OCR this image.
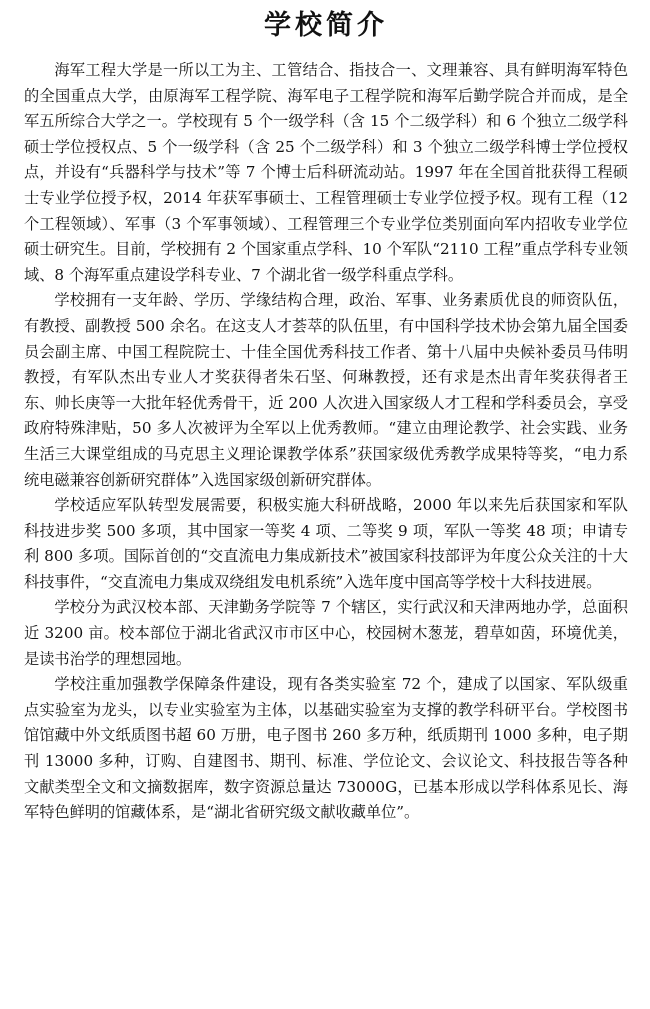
学校简介

海军工程大学是一所以工为主、工管结合、指技合一、文理兼容、具有鲜明海军特色的全国重点大学，由原海军工程学院、海军电子工程学院和海军后勤学院合并而成，是全军五所综合大学之一。学校现有 5 个一级学科（含 15 个二级学科）和 6 个独立二级学科硕士学位授权点、5 个一级学科（含 25 个二级学科）和 3 个独立二级学科博士学位授权点，并设有“兵器科学与技术”等 7 个博士后科研流动站。1997 年在全国首批获得工程硕士专业学位授予权，2014 年获军事硕士、工程管理硕士专业学位授予权。现有工程（12 个工程领域）、军事（3 个军事领域）、工程管理三个专业学位类别面向军内招收专业学位硕士研究生。目前，学校拥有 2 个国家重点学科、10 个军队“2110 工程”重点学科专业领域、8 个海军重点建设学科专业、7 个湖北省一级学科重点学科。

学校拥有一支年龄、学历、学缘结构合理，政治、军事、业务素质优良的师资队伍，有教授、副教授 500 余名。在这支人才荟萃的队伍里，有中国科学技术协会第九届全国委员会副主席、中国工程院院士、十佳全国优秀科技工作者、第十八届中央候补委员马伟明教授，有军队杰出专业人才奖获得者朱石坚、何琳教授，还有求是杰出青年奖获得者王东、帅长庚等一大批年轻优秀骨干，近 200 人次进入国家级人才工程和学科委员会，享受政府特殊津贴，50 多人次被评为全军以上优秀教师。“建立由理论教学、社会实践、业务生活三大课堂组成的马克思主义理论课教学体系”获国家级优秀教学成果特等奖，“电力系统电磁兼容创新研究群体”入选国家级创新研究群体。

学校适应军队转型发展需要，积极实施大科研战略，2000 年以来先后获国家和军队科技进步奖 500 多项，其中国家一等奖 4 项、二等奖 9 项，军队一等奖 48 项；申请专利 800 多项。国际首创的“交直流电力集成新技术”被国家科技部评为年度公众关注的十大科技事件，“交直流电力集成双绕组发电机系统”入选年度中国高等学校十大科技进展。

学校分为武汉校本部、天津勤务学院等 7 个辖区，实行武汉和天津两地办学，总面积近 3200 亩。校本部位于湖北省武汉市市区中心，校园树木葱茏，碧草如茵，环境优美，是读书治学的理想园地。

学校注重加强教学保障条件建设，现有各类实验室 72 个，建成了以国家、军队级重点实验室为龙头，以专业实验室为主体，以基础实验室为支撑的教学科研平台。学校图书馆馆藏中外文纸质图书超 60 万册，电子图书 260 多万种，纸质期刊 1000 多种，电子期刊 13000 多种，订购、自建图书、期刊、标准、学位论文、会议论文、科技报告等各种文献类型全文和文摘数据库，数字资源总量达 73000G，已基本形成以学科体系见长、海军特色鲜明的馆藏体系，是“湖北省研究级文献收藏单位”。
